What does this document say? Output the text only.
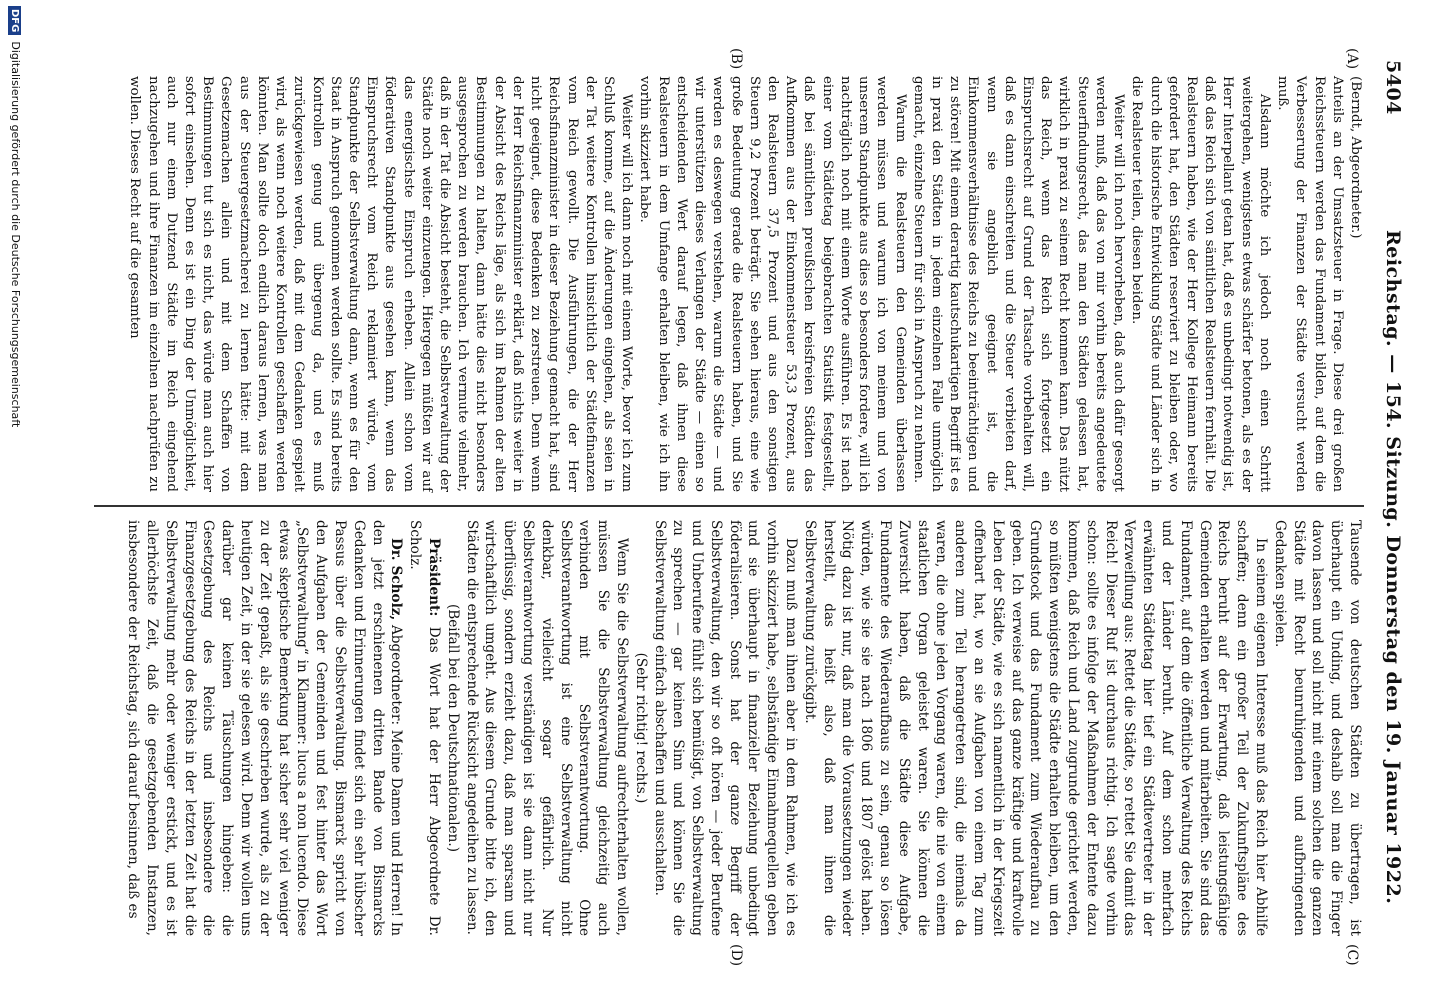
5404
Reichstag. — 154. Sitzung. Donnerstag den 19. Januar 1922.
(A)
(B)
(C)
(D)

(Berndt, Abgeordneter.)

Anteils an der Umsatzsteuer in Frage. Diese drei großen Reichssteuern werden das Fundament bilden, auf dem die Verbesserung der Finanzen der Städte versucht werden muß.

Alsdann möchte ich jedoch noch einen Schritt weitergehen, wenigstens etwas schärfer betonen, als es der Herr Interpellant getan hat, daß es unbedingt notwendig ist, daß das Reich sich von sämtlichen Realsteuern fernhält. Die Realsteuern haben, wie der Herr Kollege Heimann bereits gefordert hat, den Städten reserviert zu bleiben oder, wo durch die historische Entwicklung Städte und Länder sich in die Realsteuer teilen, diesen beiden.

Weiter will ich noch hervorheben, daß auch dafür gesorgt werden muß, daß das von mir vorhin bereits angedeutete Steuerfindungsrecht, das man den Städten gelassen hat, wirklich in praxi zu seinem Recht kommen kann. Das nützt das Reich, wenn das Reich sich fortgesetzt ein Einspruchsrecht auf Grund der Tatsache vorbehalten will, daß es dann einschreiten und die Steuer verbieten darf, wenn sie angeblich geeignet ist, die Einkommensverhältnisse des Reichs zu beeinträchtigen und zu stören! Mit einem derartig kautschukartigen Begriff ist es in praxi den Städten in jedem einzelnen Falle unmöglich gemacht, einzelne Steuern für sich in Anspruch zu nehmen.

Warum die Realsteuern den Gemeinden überlassen werden müssen und warum ich von meinem und von unserem Standpunkte aus dies so besonders fordere, will ich nachträglich noch mit einem Worte ausführen. Es ist nach einer vom Städtetag beigebrachten Statistik festgestellt, daß bei sämtlichen preußischen kreisfreien Städten das Aufkommen aus der Einkommensteuer 53,3 Prozent, aus den Realsteuern 37,5 Prozent und aus den sonstigen Steuern 9,2 Prozent beträgt. Sie sehen hieraus, eine wie große Bedeutung gerade die Realsteuern haben, und Sie werden es deswegen verstehen, warum die Städte — und wir unterstützen dieses Verlangen der Städte — einen so entscheidenden Wert darauf legen, daß ihnen diese Realsteuern in dem Umfange erhalten bleiben, wie ich ihn vorhin skizziert habe.

Weiter will ich dann noch mit einem Worte, bevor ich zum Schluß komme, auf die Änderungen eingehen, als seien in der Tat weitere Kontrollen hinsichtlich der Städtefinanzen vom Reich gewollt. Die Ausführungen, die der Herr Reichsfinanzminister in dieser Beziehung gemacht hat, sind nicht geeignet, diese Bedenken zu zerstreuen. Denn wenn der Herr Reichsfinanzminister erklärt, daß nichts weiter in der Absicht des Reichs läge, als sich im Rahmen der alten Bestimmungen zu halten, dann hätte dies nicht besonders ausgesprochen zu werden brauchen. Ich vermute vielmehr, daß in der Tat die Absicht besteht, die Selbstverwaltung der Städte noch weiter einzuengen. Hiergegen müßten wir auf das energischste Einspruch erheben. Allein schon vom föderativen Standpunkte aus gesehen kann, wenn das Einspruchsrecht vom Reich reklamiert würde, vom Standpunkte der Selbstverwaltung dann, wenn es für den Staat in Anspruch genommen werden sollte. Es sind bereits Kontrollen genug und übergenug da, und es muß zurückgewiesen werden, daß mit dem Gedanken gespielt wird, als wenn noch weitere Kontrollen geschaffen werden könnten. Man sollte doch endlich daraus lernen, was man aus der Steuergesetzmacherei zu lernen hätte: mit dem Gesetzemachen allein und mit dem Schaffen von Bestimmungen tut sich es nicht, das würde man auch hier sofort einsehen. Denn es ist ein Ding der Unmöglichkeit, auch nur einem Dutzend Städte im Reich eingehend nachzugehen und ihre Finanzen im einzelnen nachprüfen zu wollen. Dieses Recht auf die gesamten

Tausende von deutschen Städten zu übertragen, ist überhaupt ein Unding, und deshalb soll man die Finger davon lassen und soll nicht mit einem solchen die ganzen Städte mit Recht beunruhigenden und aufbringenden Gedanken spielen.

In seinem eigenen Interesse muß das Reich hier Abhilfe schaffen; denn ein großer Teil der Zukunftspläne des Reichs beruht auf der Erwartung, daß leistungsfähige Gemeinden erhalten werden und mitarbeiten. Sie sind das Fundament, auf dem die öffentliche Verwaltung des Reichs und der Länder beruht. Auf dem schon mehrfach erwähnten Städtetag hier tief ein Städtevertreter in der Verzweiflung aus: Rettet die Städte, so rettet Sie damit das Reich! Dieser Ruf ist durchaus richtig. Ich sagte vorhin schon: sollte es infolge der Maßnahmen der Entente dazu kommen, daß Reich und Land zugrunde gerichtet werden, so müßten wenigstens die Städte erhalten bleiben, um den Grundstock und das Fundament zum Wiederaufbau zu geben. Ich verweise auf das ganze kräftige und kraftvolle Leben der Städte, wie es sich namentlich in der Kriegszeit offenbart hat, wo an sie Aufgaben von einem Tag zum anderen zum Teil herangetreten sind, die niemals da waren, die ohne jeden Vorgang waren, die nie von einem staatlichen Organ geleistet waren. Sie können die Zuversicht haben, daß die Städte diese Aufgabe, Fundamente des Wiederaufbaus zu sein, genau so lösen würden, wie sie sie nach 1806 und 1807 gelöst haben. Nötig dazu ist nur, daß man die Voraussetzungen wieder herstellt, das heißt also, daß man ihnen die Selbstverwaltung zurückgibt.

Dazu muß man ihnen aber in dem Rahmen, wie ich es vorhin skizziert habe, selbständige Einnahmequellen geben und sie überhaupt in finanzieller Beziehung unbedingt föderalisieren. Sonst hat der ganze Begriff der Selbstverwaltung, den wir so oft hören — jeder Berufene und Unberufene fühlt sich bemüßigt, von Selbstverwaltung zu sprechen — gar keinen Sinn und können Sie die Selbstverwaltung einfach abschaffen und ausschalten.

(Sehr richtig! rechts.)

Wenn Sie die Selbstverwaltung aufrechterhalten wollen, müssen Sie die Selbstverwaltung gleichzeitig auch verbinden mit Selbstverantwortung. Ohne Selbstverantwortung ist eine Selbstverwaltung nicht denkbar, vielleicht sogar gefährlich. Nur Selbstverantwortung verständigen ist sie dann nicht nur überflüssig, sondern erzieht dazu, daß man sparsam und wirtschaftlich umgeht. Aus diesem Grunde bitte ich, den Städten die entsprechende Rücksicht angedeihen zu lassen.

(Beifall bei den Deutschnationalen.)

Präsident: Das Wort hat der Herr Abgeordnete Dr. Scholz.

Dr. Scholz, Abgeordneter: Meine Damen und Herren! In den jetzt erschienenen dritten Bande von Bismarcks Gedanken und Erinnerungen findet sich ein sehr hübscher Passus über die Selbstverwaltung. Bismarck spricht von den Aufgaben der Gemeinden und fest hinter das Wort „Selbstverwaltung“ in Klammer: lucus a non lucendo. Diese etwas skeptische Bemerkung hat sicher sehr viel weniger zu der Zeit gepaßt, als sie geschrieben wurde, als zu der heutigen Zeit, in der sie gelesen wird. Denn wir wollen uns darüber gar keinen Täuschungen hingeben: die Gesetzgebung des Reichs und insbesondere die Finanzgesetzgebung des Reichs in der letzten Zeit hat die Selbstverwaltung mehr oder weniger erstickt, und es ist allerhöchste Zeit, daß die gesetzgebenden Instanzen, insbesondere der Reichstag, sich darauf besinnen, daß es

DFGDigitalisierung gefördert durch die Deutsche Forschungsgemeinschaft
